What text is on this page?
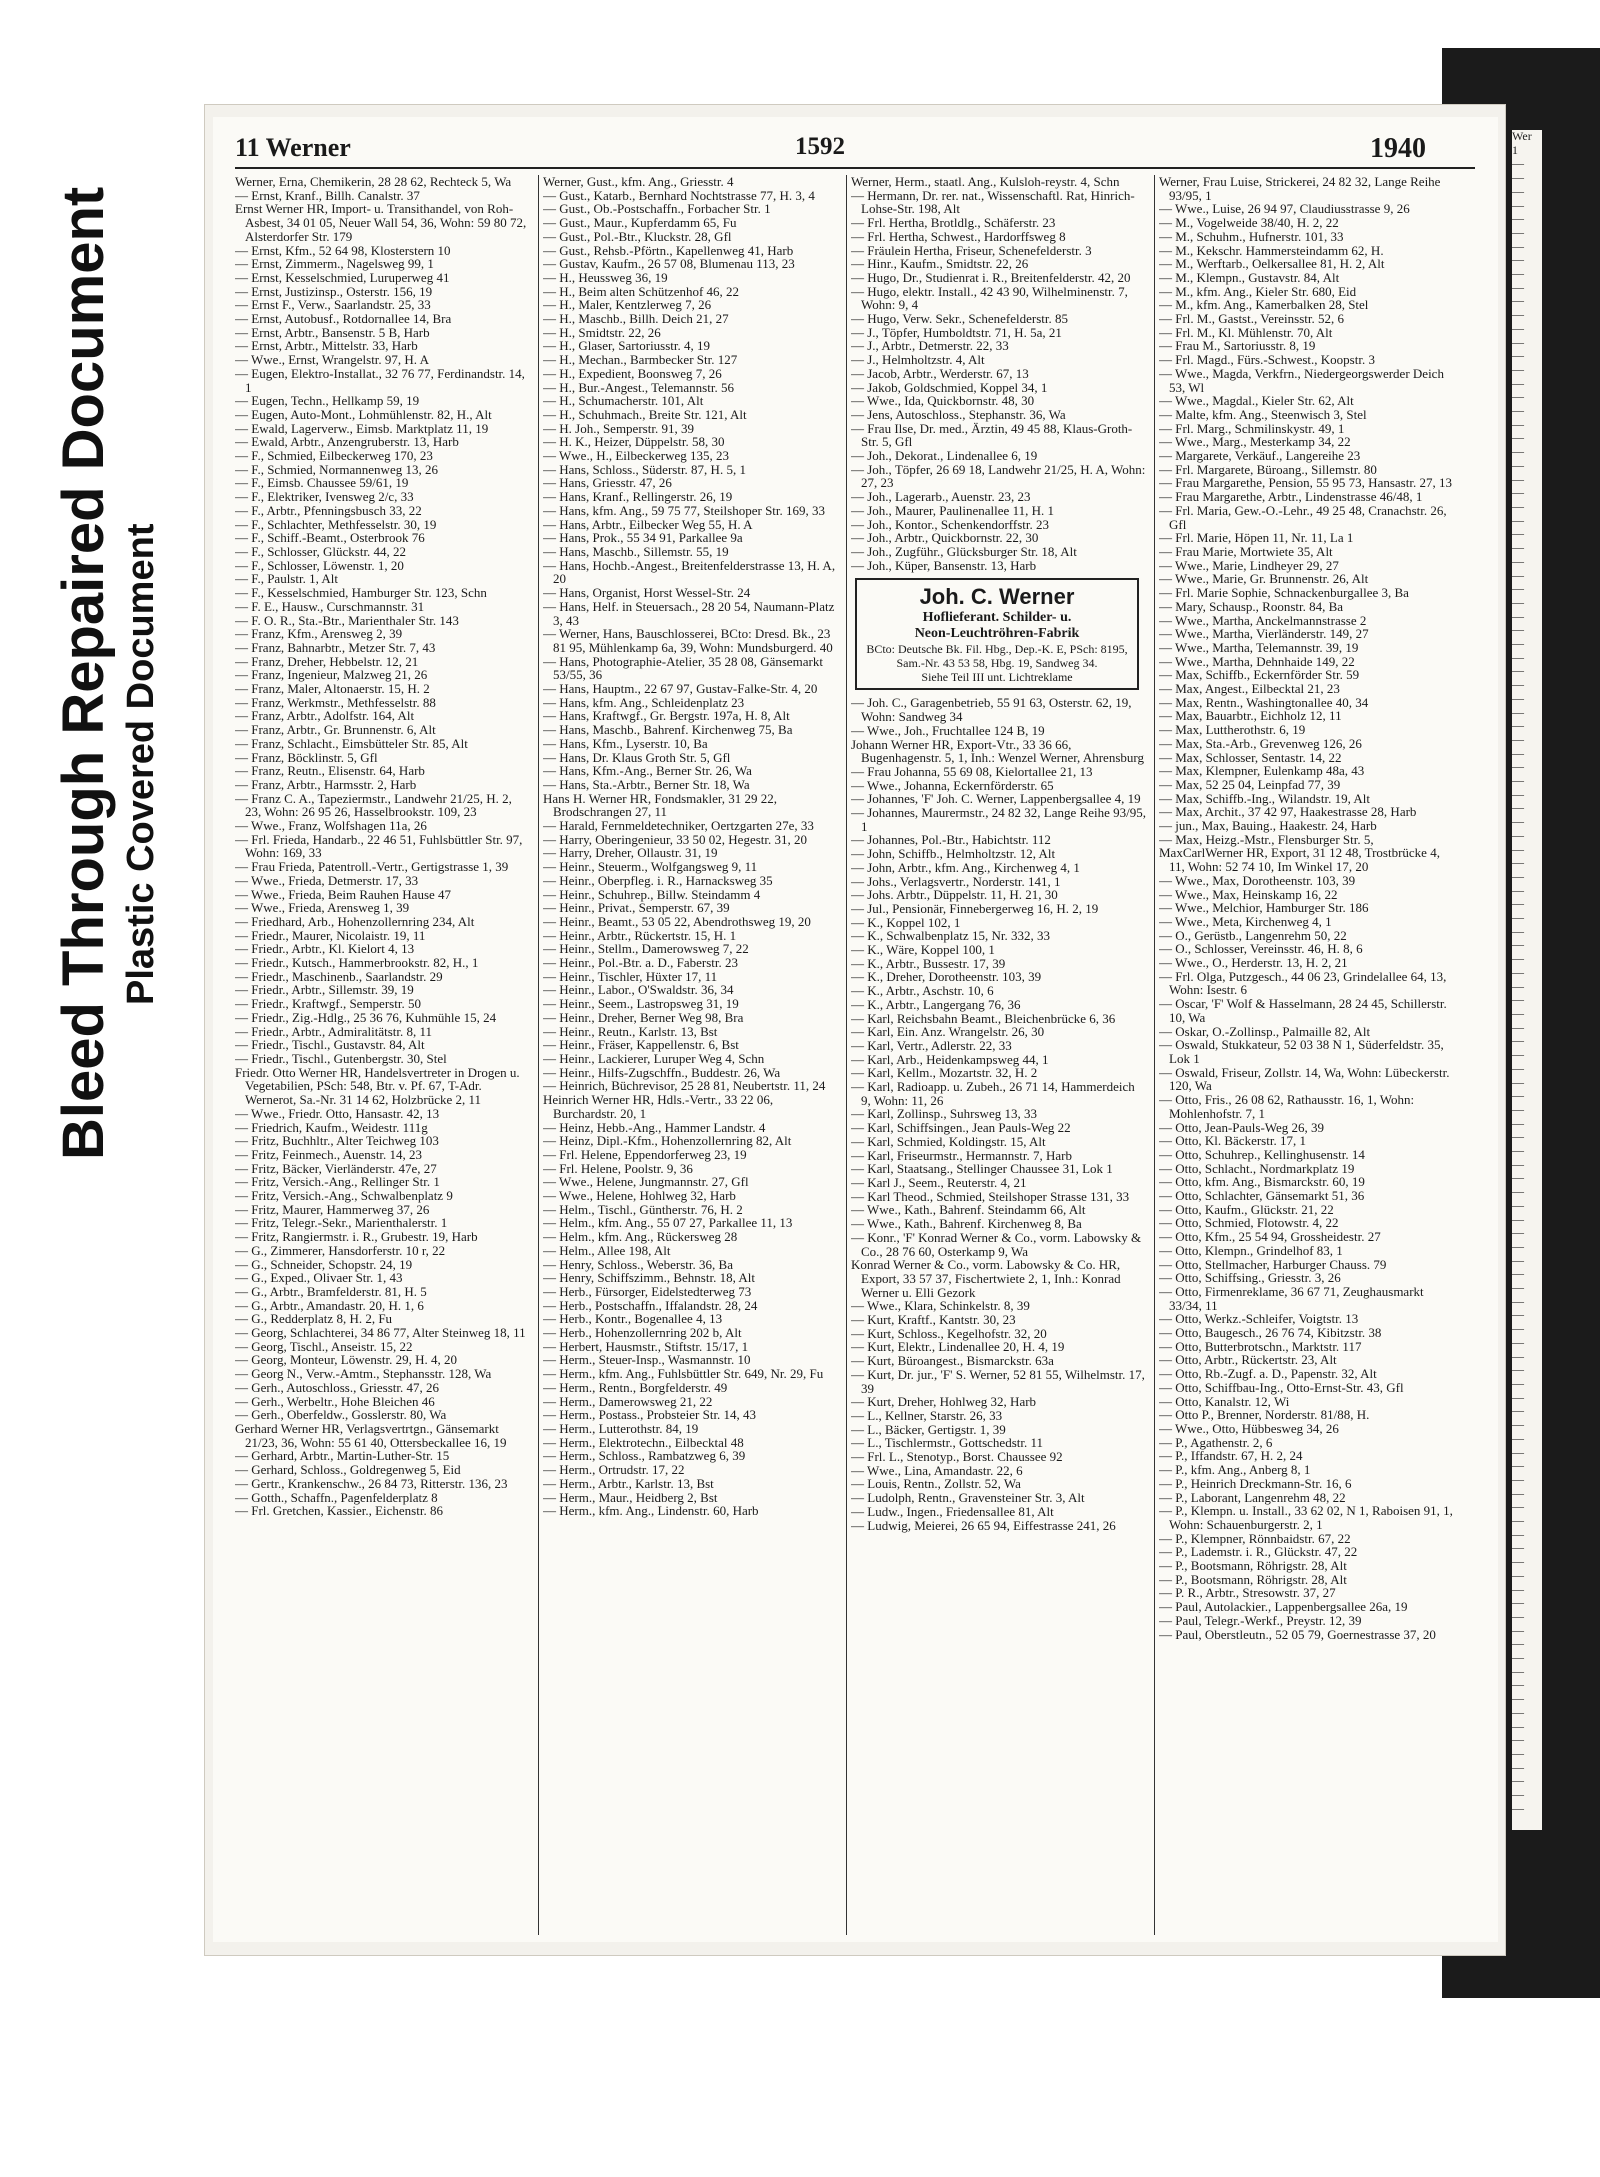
Bleed Through Repaired Document Plastic Covered Document
11 Werner	1592	1940

Werner, Erna, Chemikerin, 28 28 62, Rechteck 5, Wa

— Ernst, Kranf., Billh. Canalstr. 37

Ernst Werner HR, Import- u. Transithandel, von Roh-Asbest, 34 01 05, Neuer Wall 54, 36, Wohn: 59 80 72, Alsterdorfer Str. 179

— Ernst, Kfm., 52 64 98, Klosterstern 10

— Ernst, Zimmerm., Nagelsweg 99, 1

— Ernst, Kesselschmied, Luruperweg 41

— Ernst, Justizinsp., Osterstr. 156, 19

— Ernst F., Verw., Saarlandstr. 25, 33

— Ernst, Autobusf., Rotdornallee 14, Bra

— Ernst, Arbtr., Bansenstr. 5 B, Harb

— Ernst, Arbtr., Mittelstr. 33, Harb

— Wwe., Ernst, Wrangelstr. 97, H. A

— Eugen, Elektro-Installat., 32 76 77, Ferdinandstr. 14, 1

— Eugen, Techn., Hellkamp 59, 19

— Eugen, Auto-Mont., Lohmühlenstr. 82, H., Alt

— Ewald, Lagerverw., Eimsb. Marktplatz 11, 19

— Ewald, Arbtr., Anzengruberstr. 13, Harb

— F., Schmied, Eilbeckerweg 170, 23

— F., Schmied, Normannenweg 13, 26

— F., Eimsb. Chaussee 59/61, 19

— F., Elektriker, Ivensweg 2/c, 33

— F., Arbtr., Pfenningsbusch 33, 22

— F., Schlachter, Methfesselstr. 30, 19

— F., Schiff.-Beamt., Osterbrook 76

— F., Schlosser, Glückstr. 44, 22

— F., Schlosser, Löwenstr. 1, 20

— F., Paulstr. 1, Alt

— F., Kesselschmied, Hamburger Str. 123, Schn

— F. E., Hausw., Curschmannstr. 31

— F. O. R., Sta.-Btr., Marienthaler Str. 143

— Franz, Kfm., Arensweg 2, 39

— Franz, Bahnarbtr., Metzer Str. 7, 43

— Franz, Dreher, Hebbelstr. 12, 21

— Franz, Ingenieur, Malzweg 21, 26

— Franz, Maler, Altonaerstr. 15, H. 2

— Franz, Werkmstr., Methfesselstr. 88

— Franz, Arbtr., Adolfstr. 164, Alt

— Franz, Arbtr., Gr. Brunnenstr. 6, Alt

— Franz, Schlacht., Eimsbütteler Str. 85, Alt

— Franz, Böcklinstr. 5, Gfl

— Franz, Reutn., Elisenstr. 64, Harb

— Franz, Arbtr., Harmsstr. 2, Harb

— Franz C. A., Tapeziermstr., Landwehr 21/25, H. 2, 23, Wohn: 26 95 26, Hasselbrookstr. 109, 23

— Wwe., Franz, Wolfshagen 11a, 26

— Frl. Frieda, Handarb., 22 46 51, Fuhlsbüttler Str. 97, Wohn: 169, 33

— Frau Frieda, Patentroll.-Vertr., Gertigstrasse 1, 39

— Wwe., Frieda, Detmerstr. 17, 33

— Wwe., Frieda, Beim Rauhen Hause 47

— Wwe., Frieda, Arensweg 1, 39

— Friedhard, Arb., Hohenzollernring 234, Alt

— Friedr., Maurer, Nicolaistr. 19, 11

— Friedr., Arbtr., Kl. Kielort 4, 13

— Friedr., Kutsch., Hammerbrookstr. 82, H., 1

— Friedr., Maschinenb., Saarlandstr. 29

— Friedr., Arbtr., Sillemstr. 39, 19

— Friedr., Kraftwgf., Semperstr. 50

— Friedr., Zig.-Hdlg., 25 36 76, Kuhmühle 15, 24

— Friedr., Arbtr., Admiralitätstr. 8, 11

— Friedr., Tischl., Gustavstr. 84, Alt

— Friedr., Tischl., Gutenbergstr. 30, Stel

Friedr. Otto Werner HR, Handelsvertreter in Drogen u. Vegetabilien, PSch: 548, Btr. v. Pf. 67, T-Adr. Wernerot, Sa.-Nr. 31 14 62, Holzbrücke 2, 11

— Wwe., Friedr. Otto, Hansastr. 42, 13

— Friedrich, Kaufm., Weidestr. 111g

— Fritz, Buchhltr., Alter Teichweg 103

— Fritz, Feinmech., Auenstr. 14, 23

— Fritz, Bäcker, Vierländerstr. 47e, 27

— Fritz, Versich.-Ang., Rellinger Str. 1

— Fritz, Versich.-Ang., Schwalbenplatz 9

— Fritz, Maurer, Hammerweg 37, 26

— Fritz, Telegr.-Sekr., Marienthalerstr. 1

— Fritz, Rangiermstr. i. R., Grubestr. 19, Harb

— G., Zimmerer, Hansdorferstr. 10 r, 22

— G., Schneider, Schopstr. 24, 19

— G., Exped., Olivaer Str. 1, 43

— G., Arbtr., Bramfelderstr. 81, H. 5

— G., Arbtr., Amandastr. 20, H. 1, 6

— G., Redderplatz 8, H. 2, Fu

— Georg, Schlachterei, 34 86 77, Alter Steinweg 18, 11

— Georg, Tischl., Anseistr. 15, 22

— Georg, Monteur, Löwenstr. 29, H. 4, 20

— Georg N., Verw.-Amtm., Stephansstr. 128, Wa

— Gerh., Autoschloss., Griesstr. 47, 26

— Gerh., Werbeltr., Hohe Bleichen 46

— Gerh., Oberfeldw., Gosslerstr. 80, Wa

Gerhard Werner HR, Verlagsvertrtgn., Gänsemarkt 21/23, 36, Wohn: 55 61 40, Ottersbeckallee 16, 19

— Gerhard, Arbtr., Martin-Luther-Str. 15

— Gerhard, Schloss., Goldregenweg 5, Eid

— Gertr., Krankenschw., 26 84 73, Ritterstr. 136, 23

— Gotth., Schaffn., Pagenfelderplatz 8

— Frl. Gretchen, Kassier., Eichenstr. 86

Werner, Gust., kfm. Ang., Griesstr. 4

— Gust., Katarb., Bernhard Nochtstrasse 77, H. 3, 4

— Gust., Ob.-Postschaffn., Forbacher Str. 1

— Gust., Maur., Kupferdamm 65, Fu

— Gust., Pol.-Btr., Kluckstr. 28, Gfl

— Gust., Rehsb.-Pförtn., Kapellenweg 41, Harb

— Gustav, Kaufm., 26 57 08, Blumenau 113, 23

— H., Heussweg 36, 19

— H., Beim alten Schützenhof 46, 22

— H., Maler, Kentzlerweg 7, 26

— H., Maschb., Billh. Deich 21, 27

— H., Smidtstr. 22, 26

— H., Glaser, Sartoriusstr. 4, 19

— H., Mechan., Barmbecker Str. 127

— H., Expedient, Boonsweg 7, 26

— H., Bur.-Angest., Telemannstr. 56

— H., Schumacherstr. 101, Alt

— H., Schuhmach., Breite Str. 121, Alt

— H. Joh., Semperstr. 91, 39

— H. K., Heizer, Düppelstr. 58, 30

— Wwe., H., Eilbeckerweg 135, 23

— Hans, Schloss., Süderstr. 87, H. 5, 1

— Hans, Griesstr. 47, 26

— Hans, Kranf., Rellingerstr. 26, 19

— Hans, kfm. Ang., 59 75 77, Steilshoper Str. 169, 33

— Hans, Arbtr., Eilbecker Weg 55, H. A

— Hans, Prok., 55 34 91, Parkallee 9a

— Hans, Maschb., Sillemstr. 55, 19

— Hans, Hochb.-Angest., Breitenfelderstrasse 13, H. A, 20

— Hans, Organist, Horst Wessel-Str. 24

— Hans, Helf. in Steuersach., 28 20 54, Naumann-Platz 3, 43

— Werner, Hans, Bauschlosserei, BCto: Dresd. Bk., 23 81 95, Mühlenkamp 6a, 39, Wohn: Mundsburgerd. 40

— Hans, Photographie-Atelier, 35 28 08, Gänsemarkt 53/55, 36

— Hans, Hauptm., 22 67 97, Gustav-Falke-Str. 4, 20

— Hans, kfm. Ang., Schleidenplatz 23

— Hans, Kraftwgf., Gr. Bergstr. 197a, H. 8, Alt

— Hans, Maschb., Bahrenf. Kirchenweg 75, Ba

— Hans, Kfm., Lyserstr. 10, Ba

— Hans, Dr. Klaus Groth Str. 5, Gfl

— Hans, Kfm.-Ang., Berner Str. 26, Wa

— Hans, Sta.-Arbtr., Berner Str. 18, Wa

Hans H. Werner HR, Fondsmakler, 31 29 22, Brodschrangen 27, 11

— Harald, Fernmeldetechniker, Oertzgarten 27e, 33

— Harry, Oberingenieur, 33 50 02, Hegestr. 31, 20

— Harry, Dreher, Ollaustr. 31, 19

— Heinr., Steuerm., Wolfgangsweg 9, 11

— Heinr., Oberpfleg. i. R., Harnacksweg 35

— Heinr., Schuhrep., Billw. Steindamm 4

— Heinr., Privat., Semperstr. 67, 39

— Heinr., Beamt., 53 05 22, Abendrothsweg 19, 20

— Heinr., Arbtr., Rückertstr. 15, H. 1

— Heinr., Stellm., Damerowsweg 7, 22

— Heinr., Pol.-Btr. a. D., Faberstr. 23

— Heinr., Tischler, Hüxter 17, 11

— Heinr., Labor., O'Swaldstr. 36, 34

— Heinr., Seem., Lastropsweg 31, 19

— Heinr., Dreher, Berner Weg 98, Bra

— Heinr., Reutn., Karlstr. 13, Bst

— Heinr., Fräser, Kappellenstr. 6, Bst

— Heinr., Lackierer, Luruper Weg 4, Schn

— Heinr., Hilfs-Zugschffn., Buddestr. 26, Wa

— Heinrich, Büchrevisor, 25 28 81, Neubertstr. 11, 24

Heinrich Werner HR, Hdls.-Vertr., 33 22 06, Burchardstr. 20, 1

— Heinz, Hebb.-Ang., Hammer Landstr. 4

— Heinz, Dipl.-Kfm., Hohenzollernring 82, Alt

— Frl. Helene, Eppendorferweg 23, 19

— Frl. Helene, Poolstr. 9, 36

— Wwe., Helene, Jungmannstr. 27, Gfl

— Wwe., Helene, Hohlweg 32, Harb

— Helm., Tischl., Güntherstr. 76, H. 2

— Helm., kfm. Ang., 55 07 27, Parkallee 11, 13

— Helm., kfm. Ang., Rückersweg 28

— Helm., Allee 198, Alt

— Henry, Schloss., Weberstr. 36, Ba

— Henry, Schiffszimm., Behnstr. 18, Alt

— Herb., Fürsorger, Eidelstedterweg 73

— Herb., Postschaffn., Iffalandstr. 28, 24

— Herb., Kontr., Bogenallee 4, 13

— Herb., Hohenzollernring 202 b, Alt

— Herbert, Hausmstr., Stiftstr. 15/17, 1

— Herm., Steuer-Insp., Wasmannstr. 10

— Herm., kfm. Ang., Fuhlsbüttler Str. 649, Nr. 29, Fu

— Herm., Rentn., Borgfelderstr. 49

— Herm., Damerowsweg 21, 22

— Herm., Postass., Probsteier Str. 14, 43

— Herm., Lutterothstr. 84, 19

— Herm., Elektrotechn., Eilbecktal 48

— Herm., Schloss., Rambatzweg 6, 39

— Herm., Ortrudstr. 17, 22

— Herm., Arbtr., Karlstr. 13, Bst

— Herm., Maur., Heidberg 2, Bst

— Herm., kfm. Ang., Lindenstr. 60, Harb

Werner, Herm., staatl. Ang., Kulsloh-reystr. 4, Schn

— Hermann, Dr. rer. nat., Wissenschaftl. Rat, Hinrich-Lohse-Str. 198, Alt

— Frl. Hertha, Brotldlg., Schäferstr. 23

— Frl. Hertha, Schwest., Hardorffsweg 8

— Fräulein Hertha, Friseur, Schenefelderstr. 3

— Hinr., Kaufm., Smidtstr. 22, 26

— Hugo, Dr., Studienrat i. R., Breitenfelderstr. 42, 20

— Hugo, elektr. Install., 42 43 90, Wilhelminenstr. 7, Wohn: 9, 4

— Hugo, Verw. Sekr., Schenefelderstr. 85

— J., Töpfer, Humboldtstr. 71, H. 5a, 21

— J., Arbtr., Detmerstr. 22, 33

— J., Helmholtzstr. 4, Alt

— Jacob, Arbtr., Werderstr. 67, 13

— Jakob, Goldschmied, Koppel 34, 1

— Wwe., Ida, Quickbornstr. 48, 30

— Jens, Autoschloss., Stephanstr. 36, Wa

— Frau Ilse, Dr. med., Ärztin, 49 45 88, Klaus-Groth-Str. 5, Gfl

— Joh., Dekorat., Lindenallee 6, 19

— Joh., Töpfer, 26 69 18, Landwehr 21/25, H. A, Wohn: 27, 23

— Joh., Lagerarb., Auenstr. 23, 23

— Joh., Maurer, Paulinenallee 11, H. 1

— Joh., Kontor., Schenkendorffstr. 23

— Joh., Arbtr., Quickbornstr. 22, 30

— Joh., Zugführ., Glücksburger Str. 18, Alt

— Joh., Küper, Bansenstr. 13, Harb

Joh. C. Werner
Hoflieferant. Schilder- u.
Neon-Leuchtröhren-Fabrik
BCto: Deutsche Bk. Fil. Hbg., Dep.-K. E, PSch: 8195, Sam.-Nr. 43 53 58, Hbg. 19, Sandweg 34.
Siehe Teil III unt. Lichtreklame

— Joh. C., Garagenbetrieb, 55 91 63, Osterstr. 62, 19, Wohn: Sandweg 34

— Wwe., Joh., Fruchtallee 124 B, 19

Johann Werner HR, Export-Vtr., 33 36 66, Bugenhagenstr. 5, 1, Inh.: Wenzel Werner, Ahrensburg

— Frau Johanna, 55 69 08, Kielortallee 21, 13

— Wwe., Johanna, Eckernförderstr. 65

— Johannes, 'F' Joh. C. Werner, Lappenbergsallee 4, 19

— Johannes, Maurermstr., 24 82 32, Lange Reihe 93/95, 1

— Johannes, Pol.-Btr., Habichtstr. 112

— John, Schiffb., Helmholtzstr. 12, Alt

— John, Arbtr., kfm. Ang., Kirchenweg 4, 1

— Johs., Verlagsvertr., Norderstr. 141, 1

— Johs. Arbtr., Düppelstr. 11, H. 21, 30

— Jul., Pensionär, Finnebergerweg 16, H. 2, 19

— K., Koppel 102, 1

— K., Schwalbenplatz 15, Nr. 332, 33

— K., Wäre, Koppel 100, 1

— K., Arbtr., Bussestr. 17, 39

— K., Dreher, Dorotheenstr. 103, 39

— K., Arbtr., Aschstr. 10, 6

— K., Arbtr., Langergang 76, 36

— Karl, Reichsbahn Beamt., Bleichenbrücke 6, 36

— Karl, Ein. Anz. Wrangelstr. 26, 30

— Karl, Vertr., Adlerstr. 22, 33

— Karl, Arb., Heidenkampsweg 44, 1

— Karl, Kellm., Mozartstr. 32, H. 2

— Karl, Radioapp. u. Zubeh., 26 71 14, Hammerdeich 9, Wohn: 11, 26

— Karl, Zollinsp., Suhrsweg 13, 33

— Karl, Schiffsingen., Jean Pauls-Weg 22

— Karl, Schmied, Koldingstr. 15, Alt

— Karl, Friseurmstr., Hermannstr. 7, Harb

— Karl, Staatsang., Stellinger Chaussee 31, Lok 1

— Karl J., Seem., Reuterstr. 4, 21

— Karl Theod., Schmied, Steilshoper Strasse 131, 33

— Wwe., Kath., Bahrenf. Steindamm 66, Alt

— Wwe., Kath., Bahrenf. Kirchenweg 8, Ba

— Konr., 'F' Konrad Werner & Co., vorm. Labowsky & Co., 28 76 60, Osterkamp 9, Wa

Konrad Werner & Co., vorm. Labowsky & Co. HR, Export, 33 57 37, Fischertwiete 2, 1, Inh.: Konrad Werner u. Elli Gezork

— Wwe., Klara, Schinkelstr. 8, 39

— Kurt, Kraftf., Kantstr. 30, 23

— Kurt, Schloss., Kegelhofstr. 32, 20

— Kurt, Elektr., Lindenallee 20, H. 4, 19

— Kurt, Büroangest., Bismarckstr. 63a

— Kurt, Dr. jur., 'F' S. Werner, 52 81 55, Wilhelmstr. 17, 39

— Kurt, Dreher, Hohlweg 32, Harb

— L., Kellner, Starstr. 26, 33

— L., Bäcker, Gertigstr. 1, 39

— L., Tischlermstr., Gottschedstr. 11

— Frl. L., Stenotyp., Borst. Chaussee 92

— Wwe., Lina, Amandastr. 22, 6

— Louis, Rentn., Zollstr. 52, Wa

— Ludolph, Rentn., Gravensteiner Str. 3, Alt

— Ludw., Ingen., Friedensallee 81, Alt

— Ludwig, Meierei, 26 65 94, Eiffestrasse 241, 26

Werner, Frau Luise, Strickerei, 24 82 32, Lange Reihe 93/95, 1

— Wwe., Luise, 26 94 97, Claudiusstrasse 9, 26

— M., Vogelweide 38/40, H. 2, 22

— M., Schuhm., Hufnerstr. 101, 33

— M., Kekschr. Hammersteindamm 62, H.

— M., Werftarb., Oelkersallee 81, H. 2, Alt

— M., Klempn., Gustavstr. 84, Alt

— M., kfm. Ang., Kieler Str. 680, Eid

— M., kfm. Ang., Kamerbalken 28, Stel

— Frl. M., Gastst., Vereinsstr. 52, 6

— Frl. M., Kl. Mühlenstr. 70, Alt

— Frau M., Sartoriusstr. 8, 19

— Frl. Magd., Fürs.-Schwest., Koopstr. 3

— Wwe., Magda, Verkfrn., Niedergeorgswerder Deich 53, Wl

— Wwe., Magdal., Kieler Str. 62, Alt

— Malte, kfm. Ang., Steenwisch 3, Stel

— Frl. Marg., Schmilinskystr. 49, 1

— Wwe., Marg., Mesterkamp 34, 22

— Margarete, Verkäuf., Langereihe 23

— Frl. Margarete, Büroang., Sillemstr. 80

— Frau Margarethe, Pension, 55 95 73, Hansastr. 27, 13

— Frau Margarethe, Arbtr., Lindenstrasse 46/48, 1

— Frl. Maria, Gew.-O.-Lehr., 49 25 48, Cranachstr. 26, Gfl

— Frl. Marie, Höpen 11, Nr. 11, La 1

— Frau Marie, Mortwiete 35, Alt

— Wwe., Marie, Lindheyer 29, 27

— Wwe., Marie, Gr. Brunnenstr. 26, Alt

— Frl. Marie Sophie, Schnackenburgallee 3, Ba

— Mary, Schausp., Roonstr. 84, Ba

— Wwe., Martha, Anckelmannstrasse 2

— Wwe., Martha, Vierländerstr. 149, 27

— Wwe., Martha, Telemannstr. 39, 19

— Wwe., Martha, Dehnhaide 149, 22

— Max, Schiffb., Eckernförder Str. 59

— Max, Angest., Eilbecktal 21, 23

— Max, Rentn., Washingtonallee 40, 34

— Max, Bauarbtr., Eichholz 12, 11

— Max, Luttherothstr. 6, 19

— Max, Sta.-Arb., Grevenweg 126, 26

— Max, Schlosser, Sentastr. 14, 22

— Max, Klempner, Eulenkamp 48a, 43

— Max, 52 25 04, Leinpfad 77, 39

— Max, Schiffb.-Ing., Wilandstr. 19, Alt

— Max, Archit., 37 42 97, Haakestrasse 28, Harb

— jun., Max, Bauing., Haakestr. 24, Harb

— Max, Heizg.-Mstr., Flensburger Str. 5,

MaxCarlWerner HR, Export, 31 12 48, Trostbrücke 4, 11, Wohn: 52 74 10, Im Winkel 17, 20

— Wwe., Max, Dorotheenstr. 103, 39

— Wwe., Max, Heinskamp 16, 22

— Wwe., Melchior, Hamburger Str. 186

— Wwe., Meta, Kirchenweg 4, 1

— O., Gerüstb., Langenrehm 50, 22

— O., Schlosser, Vereinsstr. 46, H. 8, 6

— Wwe., O., Herderstr. 13, H. 2, 21

— Frl. Olga, Putzgesch., 44 06 23, Grindelallee 64, 13, Wohn: Isestr. 6

— Oscar, 'F' Wolf & Hasselmann, 28 24 45, Schillerstr. 10, Wa

— Oskar, O.-Zollinsp., Palmaille 82, Alt

— Oswald, Stukkateur, 52 03 38 N 1, Süderfeldstr. 35, Lok 1

— Oswald, Friseur, Zollstr. 14, Wa, Wohn: Lübeckerstr. 120, Wa

— Otto, Fris., 26 08 62, Rathausstr. 16, 1, Wohn: Mohlenhofstr. 7, 1

— Otto, Jean-Pauls-Weg 26, 39

— Otto, Kl. Bäckerstr. 17, 1

— Otto, Schuhrep., Kellinghusenstr. 14

— Otto, Schlacht., Nordmarkplatz 19

— Otto, kfm. Ang., Bismarckstr. 60, 19

— Otto, Schlachter, Gänsemarkt 51, 36

— Otto, Kaufm., Glückstr. 21, 22

— Otto, Schmied, Flotowstr. 4, 22

— Otto, Kfm., 25 54 94, Grossheidestr. 27

— Otto, Klempn., Grindelhof 83, 1

— Otto, Stellmacher, Harburger Chauss. 79

— Otto, Schiffsing., Griesstr. 3, 26

— Otto, Firmenreklame, 36 67 71, Zeughausmarkt 33/34, 11

— Otto, Werkz.-Schleifer, Voigtstr. 13

— Otto, Baugesch., 26 76 74, Kibitzstr. 38

— Otto, Butterbrotschn., Marktstr. 117

— Otto, Arbtr., Rückertstr. 23, Alt

— Otto, Rb.-Zugf. a. D., Papenstr. 32, Alt

— Otto, Schiffbau-Ing., Otto-Ernst-Str. 43, Gfl

— Otto, Kanalstr. 12, Wi

— Otto P., Brenner, Norderstr. 81/88, H.

— Wwe., Otto, Hübbesweg 34, 26

— P., Agathenstr. 2, 6

— P., Iffandstr. 67, H. 2, 24

— P., kfm. Ang., Anberg 8, 1

— P., Heinrich Dreckmann-Str. 16, 6

— P., Laborant, Langenrehm 48, 22

— P., Klempn. u. Install., 33 62 02, N 1, Raboisen 91, 1, Wohn: Schauenburgerstr. 2, 1

— P., Klempner, Rönnbaidstr. 67, 22

— P., Lademstr. i. R., Glückstr. 47, 22

— P., Bootsmann, Röhrigstr. 28, Alt

— P., Bootsmann, Röhrigstr. 28, Alt

— P. R., Arbtr., Stresowstr. 37, 27

— Paul, Autolackier., Lappenbergsallee 26a, 19

— Paul, Telegr.-Werkf., Preystr. 12, 39

— Paul, Oberstleutn., 52 05 79, Goernestrasse 37, 20

Wer
1
—
—
—
—
—
—
—
—
—
—
—
—
—
—
—
—
—
—
—
—
—
—
—
—
—
—
—
—
—
—
—
—
—
—
—
—
—
—
—
—
—
—
—
—
—
—
—
—
—
—
—
—
—
—
—
—
—
—
—
—
—
—
—
—
—
—
—
—
—
—
—
—
—
—
—
—
—
—
—
—
—
—
—
—
—
—
—
—
—
—
—
—
—
—
—
—
—
—
—
—
—
—
—
—
—
—
—
—
—
—
—
—
—
—
—
—
—
—
—
—
—
